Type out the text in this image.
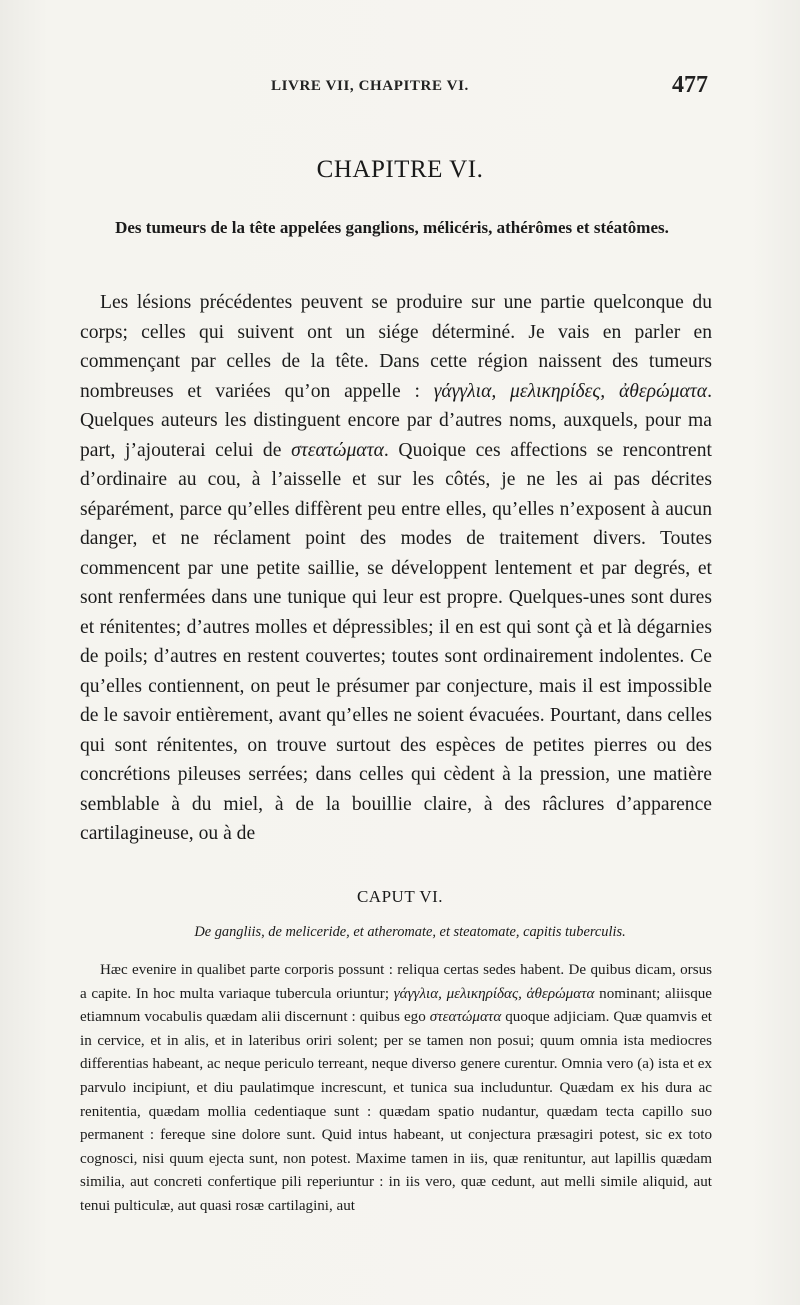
LIVRE VII, CHAPITRE VI.	477
CHAPITRE VI.
Des tumeurs de la tête appelées ganglions, mélicéris, athérômes et stéatômes.

Les lésions précédentes peuvent se produire sur une partie quelconque du corps; celles qui suivent ont un siége déterminé. Je vais en parler en commençant par celles de la tête. Dans cette région naissent des tumeurs nombreuses et variées qu’on appelle : γάγγλια, μελικηρίδες, ἀθερώματα. Quelques auteurs les distinguent encore par d’autres noms, auxquels, pour ma part, j’ajouterai celui de στεατώματα. Quoique ces affections se rencontrent d’ordinaire au cou, à l’aisselle et sur les côtés, je ne les ai pas décrites séparément, parce qu’elles diffèrent peu entre elles, qu’elles n’exposent à aucun danger, et ne réclament point des modes de traitement divers. Toutes commencent par une petite saillie, se développent lentement et par degrés, et sont renfermées dans une tunique qui leur est propre. Quelques-unes sont dures et rénitentes; d’autres molles et dépressibles; il en est qui sont çà et là dégarnies de poils; d’autres en restent couvertes; toutes sont ordinairement indolentes. Ce qu’elles contiennent, on peut le présumer par conjecture, mais il est impossible de le savoir entièrement, avant qu’elles ne soient évacuées. Pourtant, dans celles qui sont rénitentes, on trouve surtout des espèces de petites pierres ou des concrétions pileuses serrées; dans celles qui cèdent à la pression, une matière semblable à du miel, à de la bouillie claire, à des râclures d’apparence cartilagineuse, ou à de

CAPUT VI.
De gangliis, de meliceride, et atheromate, et steatomate, capitis tuberculis.

Hæc evenire in qualibet parte corporis possunt : reliqua certas sedes habent. De quibus dicam, orsus a capite. In hoc multa variaque tubercula oriuntur; γάγγλια, μελικηρίδας, ἀθερώματα nominant; aliisque etiamnum vocabulis quædam alii discernunt : quibus ego στεατώματα quoque adjiciam. Quæ quamvis et in cervice, et in alis, et in lateribus oriri solent; per se tamen non posui; quum omnia ista mediocres differentias habeant, ac neque periculo terreant, neque diverso genere curentur. Omnia vero (a) ista et ex parvulo incipiunt, et diu paulatimque increscunt, et tunica sua includuntur. Quædam ex his dura ac renitentia, quædam mollia cedentiaque sunt : quædam spatio nudantur, quædam tecta capillo suo permanent : fereque sine dolore sunt. Quid intus habeant, ut conjectura præsagiri potest, sic ex toto cognosci, nisi quum ejecta sunt, non potest. Maxime tamen in iis, quæ renituntur, aut lapillis quædam similia, aut concreti confertique pili reperiuntur : in iis vero, quæ cedunt, aut melli simile aliquid, aut tenui pulticulæ, aut quasi rosæ cartilagini, aut
